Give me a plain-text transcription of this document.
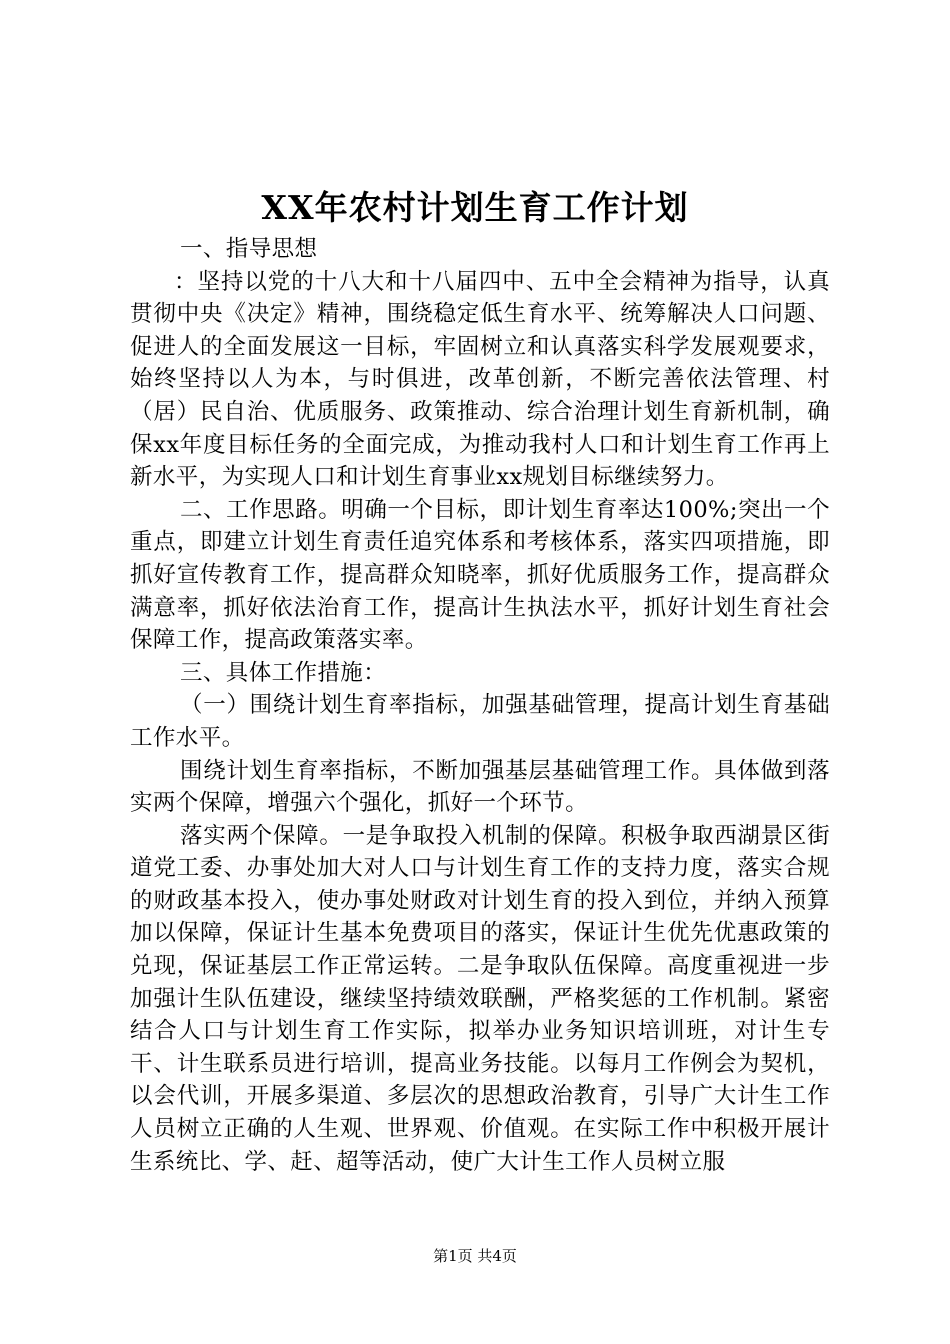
XX年农村计划生育工作计划

一、指导思想

：坚持以党的十八大和十八届四中、五中全会精神为指导，认真贯彻中央《决定》精神，围绕稳定低生育水平、统筹解决人口问题、促进人的全面发展这一目标，牢固树立和认真落实科学发展观要求，始终坚持以人为本，与时俱进，改革创新，不断完善依法管理、村（居）民自治、优质服务、政策推动、综合治理计划生育新机制，确保xx年度目标任务的全面完成，为推动我村人口和计划生育工作再上新水平，为实现人口和计划生育事业xx规划目标继续努力。

二、工作思路。明确一个目标，即计划生育率达100%;突出一个重点，即建立计划生育责任追究体系和考核体系，落实四项措施，即抓好宣传教育工作，提高群众知晓率，抓好优质服务工作，提高群众满意率，抓好依法治育工作，提高计生执法水平，抓好计划生育社会保障工作，提高政策落实率。

三、具体工作措施：

（一）围绕计划生育率指标，加强基础管理，提高计划生育基础工作水平。

围绕计划生育率指标，不断加强基层基础管理工作。具体做到落实两个保障，增强六个强化，抓好一个环节。

落实两个保障。一是争取投入机制的保障。积极争取西湖景区街道党工委、办事处加大对人口与计划生育工作的支持力度，落实合规的财政基本投入，使办事处财政对计划生育的投入到位，并纳入预算加以保障，保证计生基本免费项目的落实，保证计生优先优惠政策的兑现，保证基层工作正常运转。二是争取队伍保障。高度重视进一步加强计生队伍建设，继续坚持绩效联酬，严格奖惩的工作机制。紧密结合人口与计划生育工作实际，拟举办业务知识培训班，对计生专干、计生联系员进行培训，提高业务技能。以每月工作例会为契机，以会代训，开展多渠道、多层次的思想政治教育，引导广大计生工作人员树立正确的人生观、世界观、价值观。在实际工作中积极开展计生系统比、学、赶、超等活动，使广大计生工作人员树立服

第1页 共4页
